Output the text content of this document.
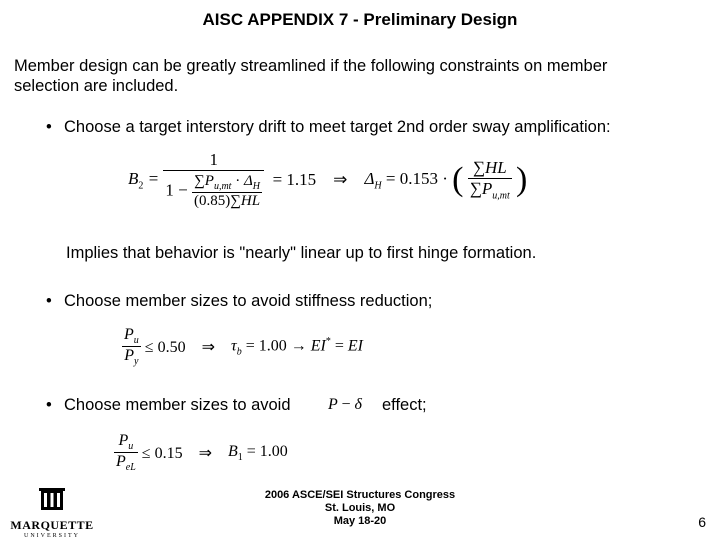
AISC APPENDIX 7 - Preliminary Design
Member design can be greatly streamlined if the following constraints on member selection are included.
• Choose a target interstory drift to meet target 2nd order sway amplification:
$B_2 = \frac{1}{1 - \frac{\sum P_{u,mt} \cdot \Delta_H}{(0.85)\sum HL}} = 1.15$    ⇒    $\Delta_H = 0.153$ · ( $\frac{\sum HL}{\sum P_{u,mt}}$ )
Implies that behavior is "nearly" linear up to first hinge formation.
• Choose member sizes to avoid stiffness reduction;
$\frac{P_u}{P_y} \le 0.50$    ⇒    $\tau_b = 1.00 \to EI^*$ = EI
• Choose member sizes to avoid P − δ effect;
$\frac{P_u}{P_{eL}} \le 0.15$    ⇒    $B_1 = 1.00$
MARQUETTE
UNIVERSITY
2006 ASCE/SEI Structures Congress
St. Louis, MO
May 18-20	6
